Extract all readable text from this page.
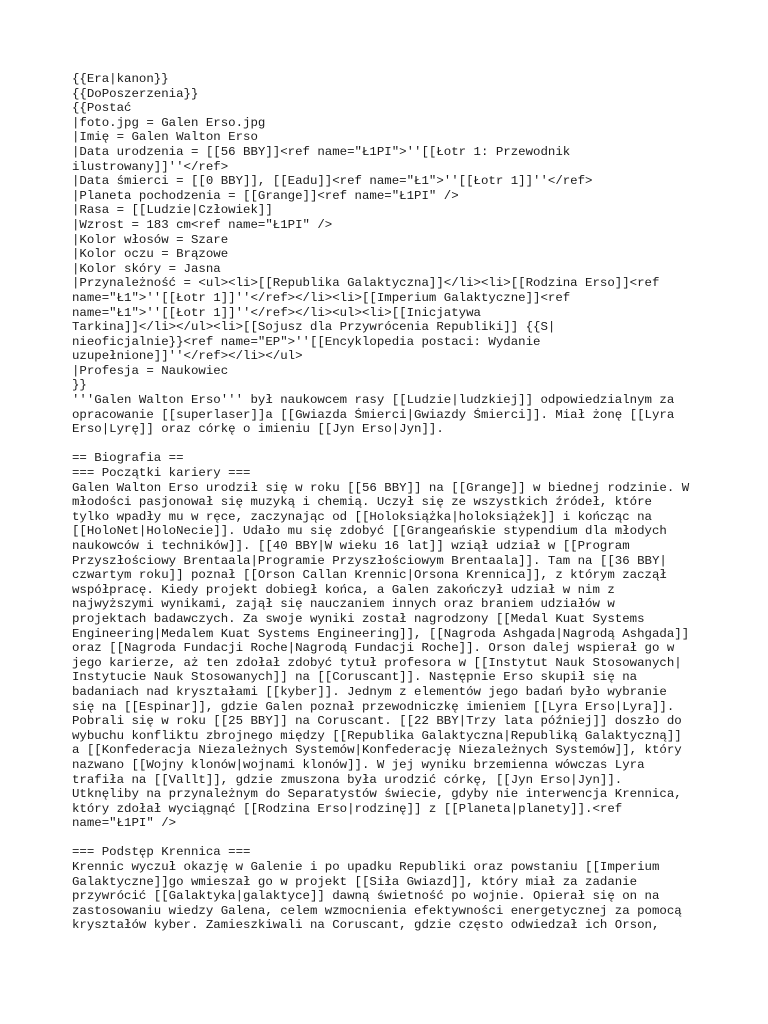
{{Era|kanon}}
{{DoPoszerzenia}}
{{Postać
|foto.jpg = Galen Erso.jpg
|Imię = Galen Walton Erso
|Data urodzenia = [[56 BBY]]<ref name="Ł1PI">''[[Łotr 1: Przewodnik
ilustrowany]]''</ref>
|Data śmierci = [[0 BBY]], [[Eadu]]<ref name="Ł1">''[[Łotr 1]]''</ref>
|Planeta pochodzenia = [[Grange]]<ref name="Ł1PI" />
|Rasa = [[Ludzie|Człowiek]]
|Wzrost = 183 cm<ref name="Ł1PI" />
|Kolor włosów = Szare
|Kolor oczu = Brązowe
|Kolor skóry = Jasna
|Przynależność = <ul><li>[[Republika Galaktyczna]]</li><li>[[Rodzina Erso]]<ref
name="Ł1">''[[Łotr 1]]''</ref></li><li>[[Imperium Galaktyczne]]<ref
name="Ł1">''[[Łotr 1]]''</ref></li><ul><li>[[Inicjatywa
Tarkina]]</li></ul><li>[[Sojusz dla Przywrócenia Republiki]] {{S|
nieoficjalnie}}<ref name="EP">''[[Encyklopedia postaci: Wydanie
uzupełnione]]''</ref></li></ul>
|Profesja = Naukowiec
}}
'''Galen Walton Erso''' był naukowcem rasy [[Ludzie|ludzkiej]] odpowiedzialnym za
opracowanie [[superlaser]]a [[Gwiazda Śmierci|Gwiazdy Śmierci]]. Miał żonę [[Lyra
Erso|Lyrę]] oraz córkę o imieniu [[Jyn Erso|Jyn]].
== Biografia ==
=== Początki kariery ===
Galen Walton Erso urodził się w roku [[56 BBY]] na [[Grange]] w biednej rodzinie. W
młodości pasjonował się muzyką i chemią. Uczył się ze wszystkich źródeł, które
tylko wpadły mu w ręce, zaczynając od [[Holoksiążka|holoksiążek]] i kończąc na
[[HoloNet|HoloNecie]]. Udało mu się zdobyć [[Grangeańskie stypendium dla młodych
naukowców i techników]]. [[40 BBY|W wieku 16 lat]] wziął udział w [[Program
Przyszłościowy Brentaala|Programie Przyszłościowym Brentaala]]. Tam na [[36 BBY|
czwartym roku]] poznał [[Orson Callan Krennic|Orsona Krennica]], z którym zaczął
współpracę. Kiedy projekt dobiegł końca, a Galen zakończył udział w nim z
najwyższymi wynikami, zajął się nauczaniem innych oraz braniem udziałów w
projektach badawczych. Za swoje wyniki został nagrodzony [[Medal Kuat Systems
Engineering|Medalem Kuat Systems Engineering]], [[Nagroda Ashgada|Nagrodą Ashgada]]
oraz [[Nagroda Fundacji Roche|Nagrodą Fundacji Roche]]. Orson dalej wspierał go w
jego karierze, aż ten zdołał zdobyć tytuł profesora w [[Instytut Nauk Stosowanych|
Instytucie Nauk Stosowanych]] na [[Coruscant]]. Następnie Erso skupił się na
badaniach nad kryształami [[kyber]]. Jednym z elementów jego badań było wybranie
się na [[Espinar]], gdzie Galen poznał przewodniczkę imieniem [[Lyra Erso|Lyra]].
Pobrali się w roku [[25 BBY]] na Coruscant. [[22 BBY|Trzy lata później]] doszło do
wybuchu konfliktu zbrojnego między [[Republika Galaktyczna|Republiką Galaktyczną]]
a [[Konfederacja Niezależnych Systemów|Konfederację Niezależnych Systemów]], który
nazwano [[Wojny klonów|wojnami klonów]]. W jej wyniku brzemienna wówczas Lyra
trafiła na [[Vallt]], gdzie zmuszona była urodzić córkę, [[Jyn Erso|Jyn]].
Utknęliby na przynależnym do Separatystów świecie, gdyby nie interwencja Krennica,
który zdołał wyciągnąć [[Rodzina Erso|rodzinę]] z [[Planeta|planety]].<ref
name="Ł1PI" />
=== Podstęp Krennica ===
Krennic wyczuł okazję w Galenie i po upadku Republiki oraz powstaniu [[Imperium
Galaktyczne]]go wmieszał go w projekt [[Siła Gwiazd]], który miał za zadanie
przywrócić [[Galaktyka|galaktyce]] dawną świetność po wojnie. Opierał się on na
zastosowaniu wiedzy Galena, celem wzmocnienia efektywności energetycznej za pomocą
kryształów kyber. Zamieszkiwali na Coruscant, gdzie często odwiedzał ich Orson,
